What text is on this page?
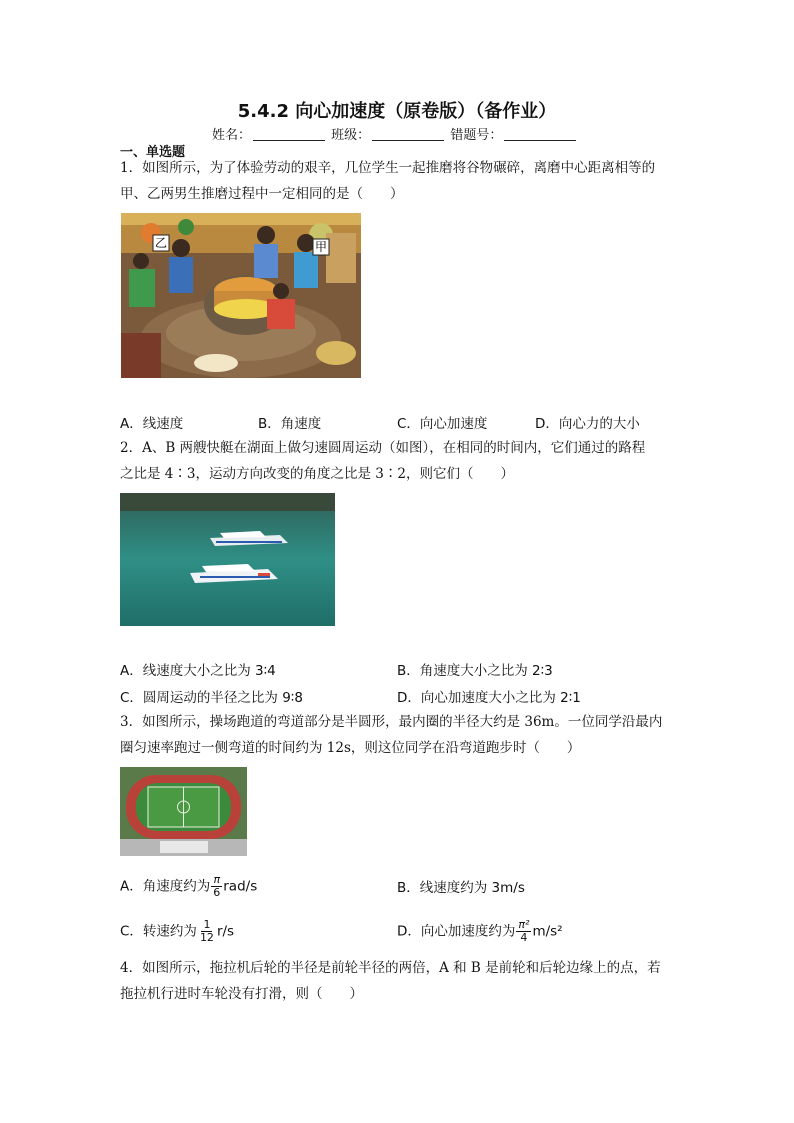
5.4.2 向心加速度（原卷版）（备作业）
姓名：	班级：	错题号：
一、单选题
1．如图所示，为了体验劳动的艰辛，几位学生一起推磨将谷物碾碎，离磨中心距离相等的
甲、乙两男生推磨过程中一定相同的是（　　）
乙	甲
A．线速度	B．角速度	C．向心加速度	D．向心力的大小
2．A、B 两艘快艇在湖面上做匀速圆周运动（如图），在相同的时间内，它们通过的路程
之比是 4∶3，运动方向改变的角度之比是 3∶2，则它们（　　）
A．线速度大小之比为 3∶4	B．角速度大小之比为 2∶3
C．圆周运动的半径之比为 9∶8	D．向心加速度大小之比为 2∶1
3．如图所示，操场跑道的弯道部分是半圆形，最内圈的半径大约是 36m。一位同学沿最内
圈匀速率跑过一侧弯道的时间约为 12s，则这位同学在沿弯道跑步时（　　）
A．角速度约为 $\frac{\pi}{6} rad/s$	B．线速度约为 3m/s
C．转速约为 $\frac{1}{12} r/s$	D．向心加速度约为 $\frac{\text{π²}}{4} m/s^2$
4．如图所示，拖拉机后轮的半径是前轮半径的两倍，A 和 B 是前轮和后轮边缘上的点，若
拖拉机行进时车轮没有打滑，则（　　）
